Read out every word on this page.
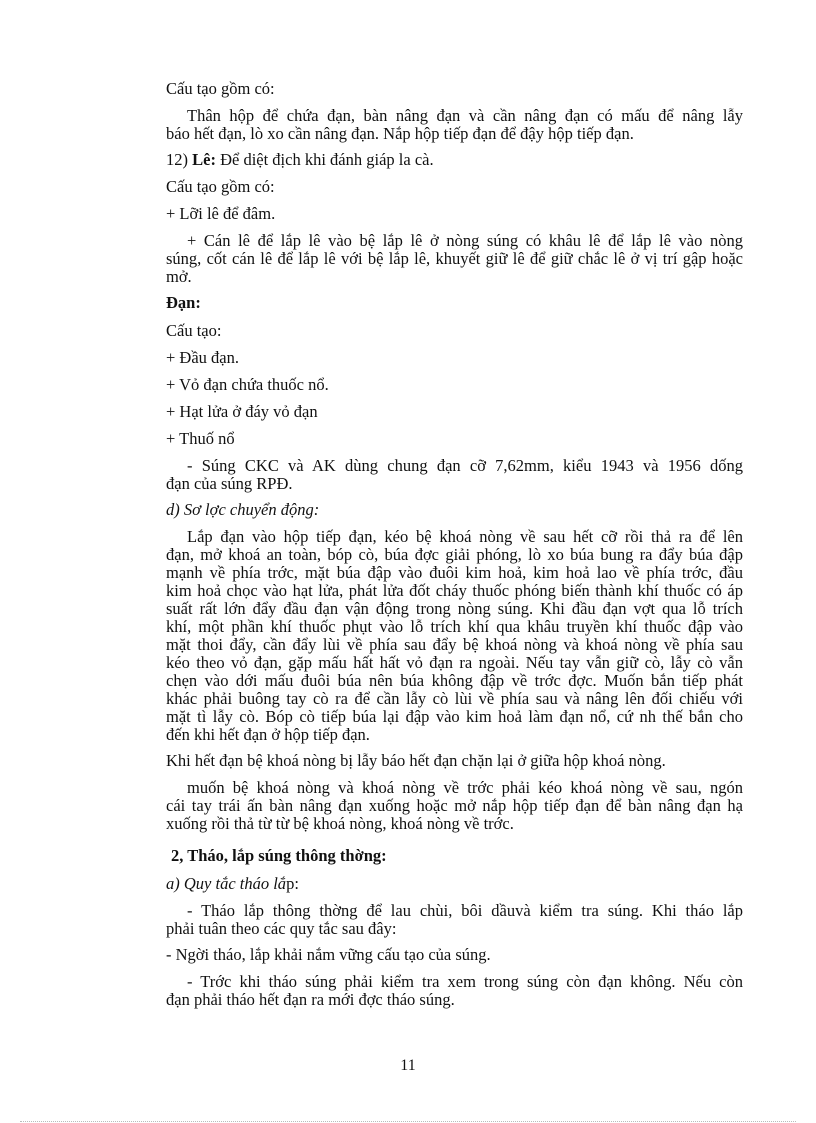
Cấu tạo gồm có:

Thân hộp để chứa đạn, bàn nâng đạn và cần nâng đạn có mấu để nâng lẫy
báo hết đạn, lò xo cần nâng đạn. Nắp hộp tiếp đạn để đậy hộp tiếp đạn.

12) Lê: Để diệt địch khi đánh giáp la cà.

Cấu tạo gồm có:

+ Lỡi lê để đâm.

+ Cán lê để lắp lê vào bệ lắp lê ở nòng súng có khâu lê để lắp lê vào nòng
súng, cốt cán lê để lắp lê với bệ lắp lê, khuyết giữ lê để giữ chắc lê ở vị trí gập hoặc
mở.

Đạn:

Cấu tạo:

+ Đầu đạn.

+ Vỏ đạn chứa thuốc nổ.

+ Hạt lửa ở đáy vỏ đạn

+ Thuố nổ

- Súng CKC và AK dùng chung đạn cỡ 7,62mm, kiểu 1943 và 1956 dống
đạn của súng RPĐ.

d) Sơ lợc chuyển động:

Lắp đạn vào hộp tiếp đạn, kéo bệ khoá nòng về sau hết cỡ rồi thả ra để lên
đạn, mở khoá an toàn, bóp cò, búa đợc giải phóng, lò xo búa bung ra đẩy búa đập
mạnh về phía trớc, mặt búa đập vào đuôi kim hoả, kim hoả lao về phía trớc, đầu
kim hoả chọc vào hạt lửa, phát lửa đốt cháy thuốc phóng biến thành khí thuốc có áp
suất rất lớn đẩy đầu đạn vận động trong nòng súng. Khi đầu đạn vợt qua lỗ trích
khí, một phần khí thuốc phụt vào lỗ trích khí qua khâu truyền khí thuốc đập vào
mặt thoi đẩy, cần đẩy lùi về phía sau đẩy bệ khoá nòng và khoá nòng về phía sau
kéo theo vỏ đạn, gặp mấu hất hất vỏ đạn ra ngoài. Nếu tay vẫn giữ cò, lẫy cò vẫn
chẹn vào dới mấu đuôi búa nên búa không đập về trớc đợc. Muốn bắn tiếp phát
khác phải buông tay cò ra để cần lẫy cò lùi về phía sau và nâng lên đối chiếu với
mặt tì lẫy cò. Bóp cò tiếp búa lại đập vào kim hoả làm đạn nổ, cứ nh thế bắn cho
đến khi hết đạn ở hộp tiếp đạn.

Khi hết đạn bệ khoá nòng bị lẫy báo hết đạn chặn lại ở giữa hộp khoá nòng.

muốn bệ khoá nòng và khoá nòng về trớc phải kéo khoá nòng về sau, ngón
cái tay trái ấn bàn nâng đạn xuống hoặc mở nắp hộp tiếp đạn để bàn nâng đạn hạ
xuống rồi thả từ từ bệ khoá nòng, khoá nòng về trớc.

2, Tháo, lắp súng thông thờng:

a) Quy tắc tháo lắp:

- Tháo lắp thông thờng để lau chùi, bôi dầuvà kiểm tra súng. Khi tháo lắp
phải tuân theo các quy tắc sau đây:

- Ngời tháo, lắp khải nắm vững cấu tạo của súng.

- Trớc khi tháo súng phải kiểm tra xem trong súng còn đạn không. Nếu còn
đạn phải tháo hết đạn ra mới đợc tháo súng.

11
